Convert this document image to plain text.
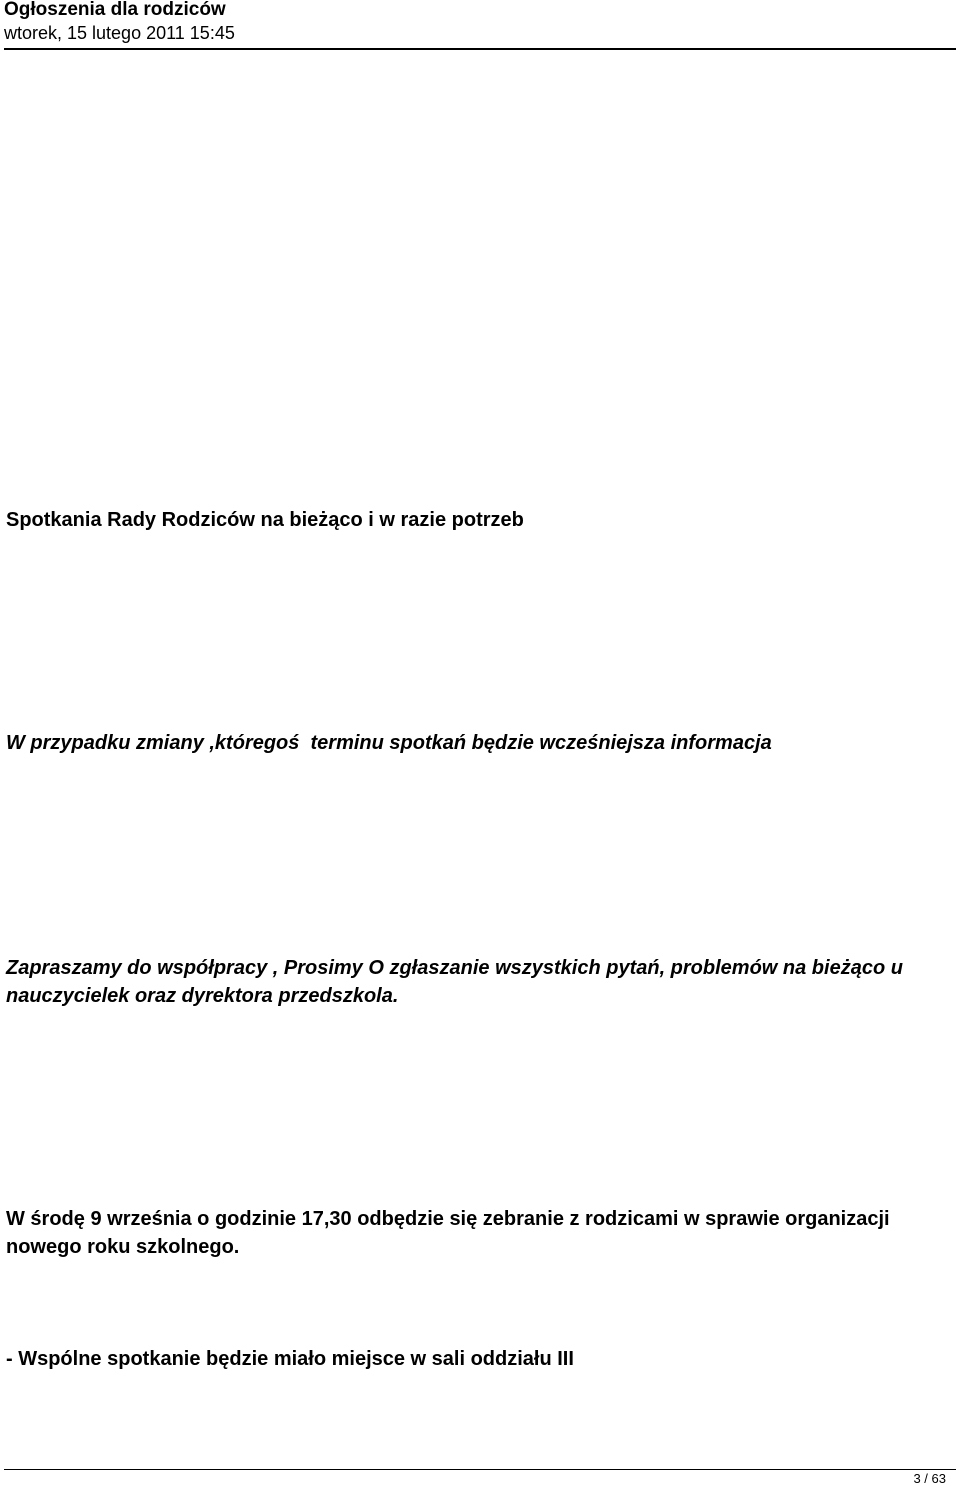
Ogłoszenia dla rodziców
wtorek, 15 lutego 2011 15:45
Spotkania Rady Rodziców na bieżąco i w razie potrzeb
W przypadku zmiany ,któregoś  terminu spotkań będzie wcześniejsza informacja
Zapraszamy do współpracy , Prosimy O zgłaszanie wszystkich pytań, problemów na bieżąco u nauczycielek oraz dyrektora przedszkola.
W środę 9 września o godzinie 17,30 odbędzie się zebranie z rodzicami w sprawie organizacji nowego roku szkolnego.
- Wspólne spotkanie będzie miało miejsce w sali oddziału III
3 / 63
